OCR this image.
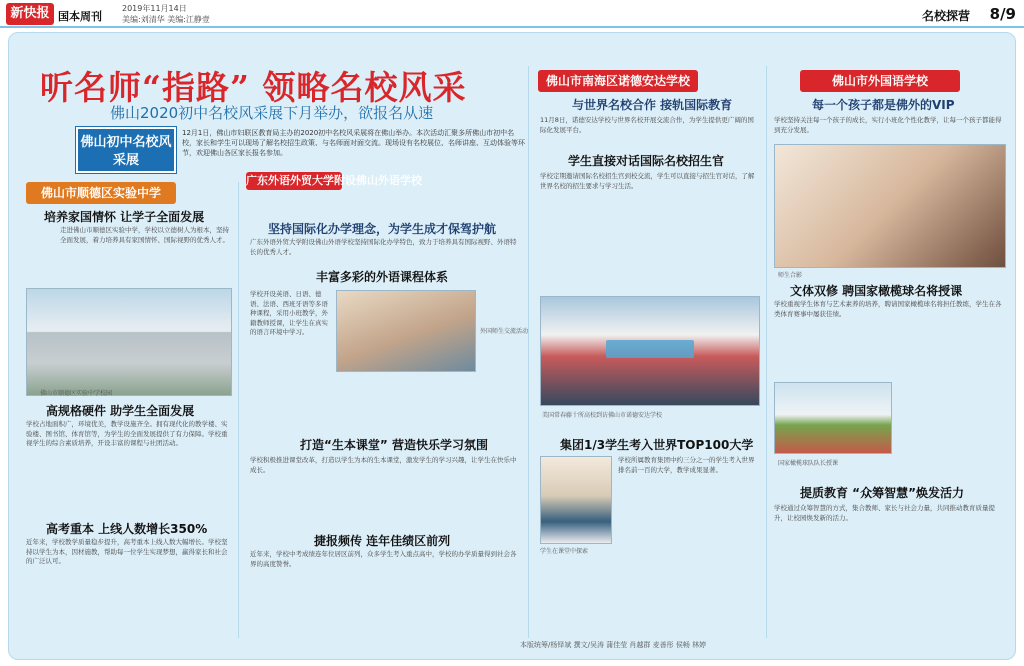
新快报 国本周刊
2019年11月14日
美编:刘清华 美编:江静壹	名校探营 8/9
听名师“指路” 领略名校风采
佛山2020初中名校风采展下月举办，欲报名从速
佛山初中名校风采展
12月1日，佛山市妇联区教育局主办的2020初中名校风采展将在佛山举办。本次活动汇聚多所佛山市初中名校，家长和学生可以现场了解名校招生政策、与名师面对面交流。现场设有名校展位、名师讲座、互动体验等环节，欢迎佛山各区家长报名参加。
佛山市顺德区实验中学
培养家国情怀 让学子全面发展
走进佛山市顺德区实验中学，学校以立德树人为根本，坚持全面发展，着力培养具有家国情怀、国际视野的优秀人才。
佛山市顺德区实验中学校园
高规格硬件 助学生全面发展
学校占地面积广，环境优美，教学设施齐全。拥有现代化的教学楼、实验楼、图书馆、体育馆等，为学生的全面发展提供了有力保障。学校重视学生的综合素质培养，开设丰富的课程与社团活动。
高考重本 上线人数增长350%
近年来，学校教学质量稳步提升，高考重本上线人数大幅增长。学校坚持以学生为本，因材施教，帮助每一位学生实现梦想，赢得家长和社会的广泛认可。
广东外语外贸大学附设佛山外语学校
坚持国际化办学理念，为学生成才保驾护航
广东外语外贸大学附设佛山外语学校坚持国际化办学特色，致力于培养具有国际视野、外语特长的优秀人才。
丰富多彩的外语课程体系
学校开设英语、日语、德语、法语、西班牙语等多语种课程，采用小班教学，外籍教师授课，让学生在真实的语言环境中学习。	外国师生交流活动
打造“生本课堂” 营造快乐学习氛围
学校积极推进课堂改革，打造以学生为本的生本课堂，激发学生的学习兴趣，让学生在快乐中成长。
捷报频传 连年佳绩区前列
近年来，学校中考成绩连年位居区前列，众多学生考入重点高中，学校的办学质量得到社会各界的高度赞誉。
佛山市南海区诺德安达学校
与世界名校合作 接轨国际教育
11月8日，诺德安达学校与世界名校开展交流合作，为学生提供更广阔的国际化发展平台。
学生直接对话国际名校招生官
学校定期邀请国际名校招生官到校交流，学生可以直接与招生官对话，了解世界名校的招生要求与学习生活。
美国常春藤十所高校到访佛山市诺德安达学校
集团1/3学生考入世界TOP100大学
学校所属教育集团中约三分之一的学生考入世界排名前一百的大学，教学成果显著。
学生在课堂中探索
佛山市外国语学校
每一个孩子都是佛外的VIP
学校坚持关注每一个孩子的成长，实行小班化个性化教学，让每一个孩子都能得到充分发展。
师生合影
文体双修 聘国家橄榄球名将授课
学校重视学生体育与艺术素养的培养，聘请国家橄榄球名将担任教练，学生在各类体育赛事中屡获佳绩。
国家橄榄球队队长授课
提质教育 “众筹智慧”焕发活力
学校通过众筹智慧的方式，集合教师、家长与社会力量，共同推动教育质量提升，让校园焕发新的活力。
本版统筹/杨铎斌 撰文/吴涛 蒲佳莹 肖越群 麦善彤 侯畅 林婷
